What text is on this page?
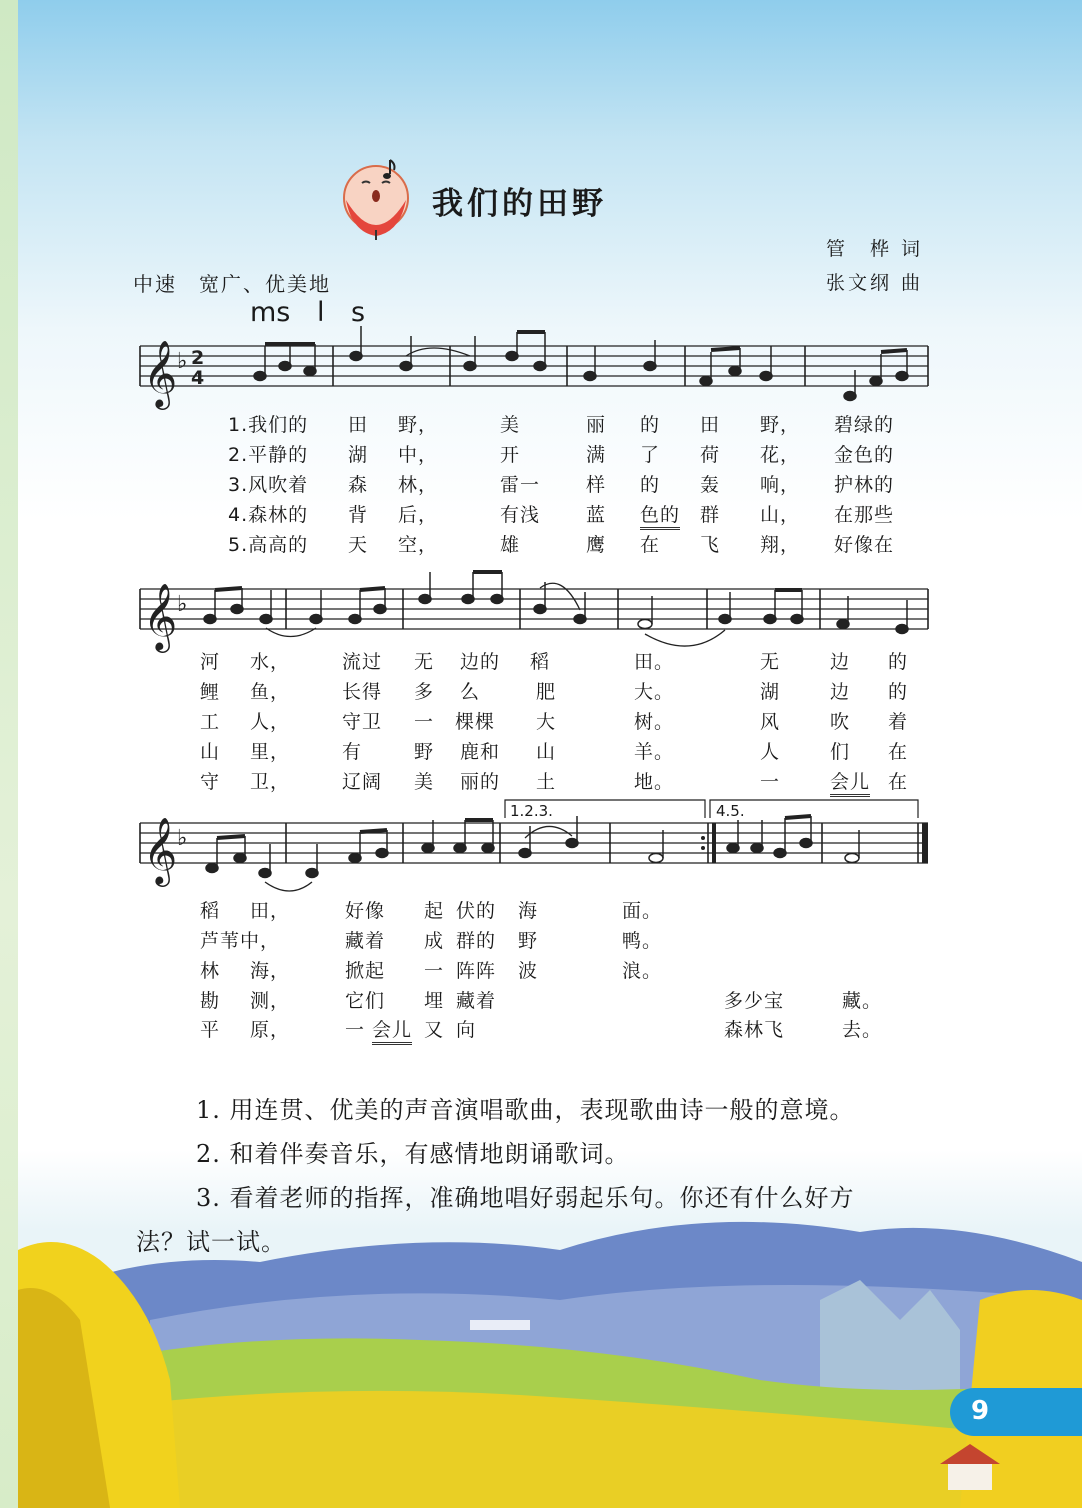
我们的田野
管　桦 词
张文纲 曲
中速　宽广、优美地
ms l s
𝄞
𝄞
𝄞
♭
♭
♭
2
4
1.2.3.	4.5.
1.我们的 田 野，	美	丽 的 田 野， 碧绿的
2.平静的 湖 中，	开	满 了 荷 花， 金色的
3.风吹着 森 林，	雷一 样 的 轰 响， 护林的
4.森林的 背 后，	有浅 蓝 色的 群 山， 在那些
5.高高的 天 空，	雄	鹰 在 飞 翔， 好像在
河 水，	流过 无 边的 稻	田。	无	边 的
鲤 鱼，	长得 多 么	肥	大。	湖	边 的
工 人，	守卫 一 棵棵 大	树。	风	吹 着
山 里，	有	野 鹿和 山	羊。	人	们 在
守 卫，	辽阔 美 丽的 土	地。	一	会儿 在
稻 田，	好像 起 伏的 海	面。
芦苇中，	藏着 成 群的 野	鸭。
林 海，	掀起 一 阵阵 波	浪。
勘 测，	它们 埋 藏着	多少宝	藏。
平 原，	一 会儿 又 向	森林飞	去。
1. 用连贯、优美的声音演唱歌曲，表现歌曲诗一般的意境。
2. 和着伴奏音乐，有感情地朗诵歌词。
3. 看着老师的指挥，准确地唱好弱起乐句。你还有什么好方
法？试一试。
9
